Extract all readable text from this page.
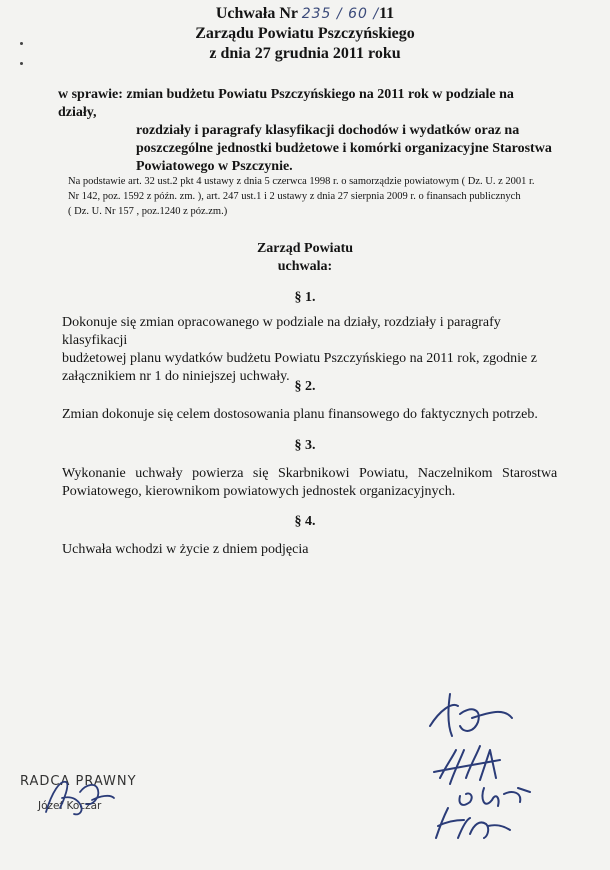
Uchwała Nr 235 / 60 /11
Zarządu Powiatu Pszczyńskiego
z dnia 27 grudnia 2011 roku
w sprawie: zmian budżetu Powiatu Pszczyńskiego na 2011 rok w podziale na działy,
rozdziały i paragrafy klasyfikacji dochodów i wydatków oraz na
poszczególne jednostki budżetowe i komórki organizacyjne Starostwa
Powiatowego w Pszczynie.
Na podstawie art. 32 ust.2 pkt 4 ustawy z dnia 5 czerwca 1998 r. o samorządzie powiatowym ( Dz. U. z 2001 r.
Nr 142, poz. 1592 z późn. zm. ), art. 247 ust.1 i 2 ustawy z dnia 27 sierpnia 2009 r. o finansach publicznych
( Dz. U. Nr 157 , poz.1240 z póz.zm.)
Zarząd Powiatu
uchwala:
§ 1.
Dokonuje się zmian opracowanego w podziale na działy, rozdziały i paragrafy klasyfikacji
budżetowej planu wydatków budżetu Powiatu Pszczyńskiego na 2011 rok, zgodnie z
załącznikiem nr 1 do niniejszej uchwały.
§ 2.
Zmian dokonuje się celem dostosowania planu finansowego do faktycznych potrzeb.
§ 3.
Wykonanie uchwały powierza się Skarbnikowi Powiatu, Naczelnikom Starostwa
Powiatowego, kierownikom powiatowych jednostek organizacyjnych.
§ 4.
Uchwała wchodzi w życie z dniem podjęcia
RADCA PRAWNY
Józef Koczar
